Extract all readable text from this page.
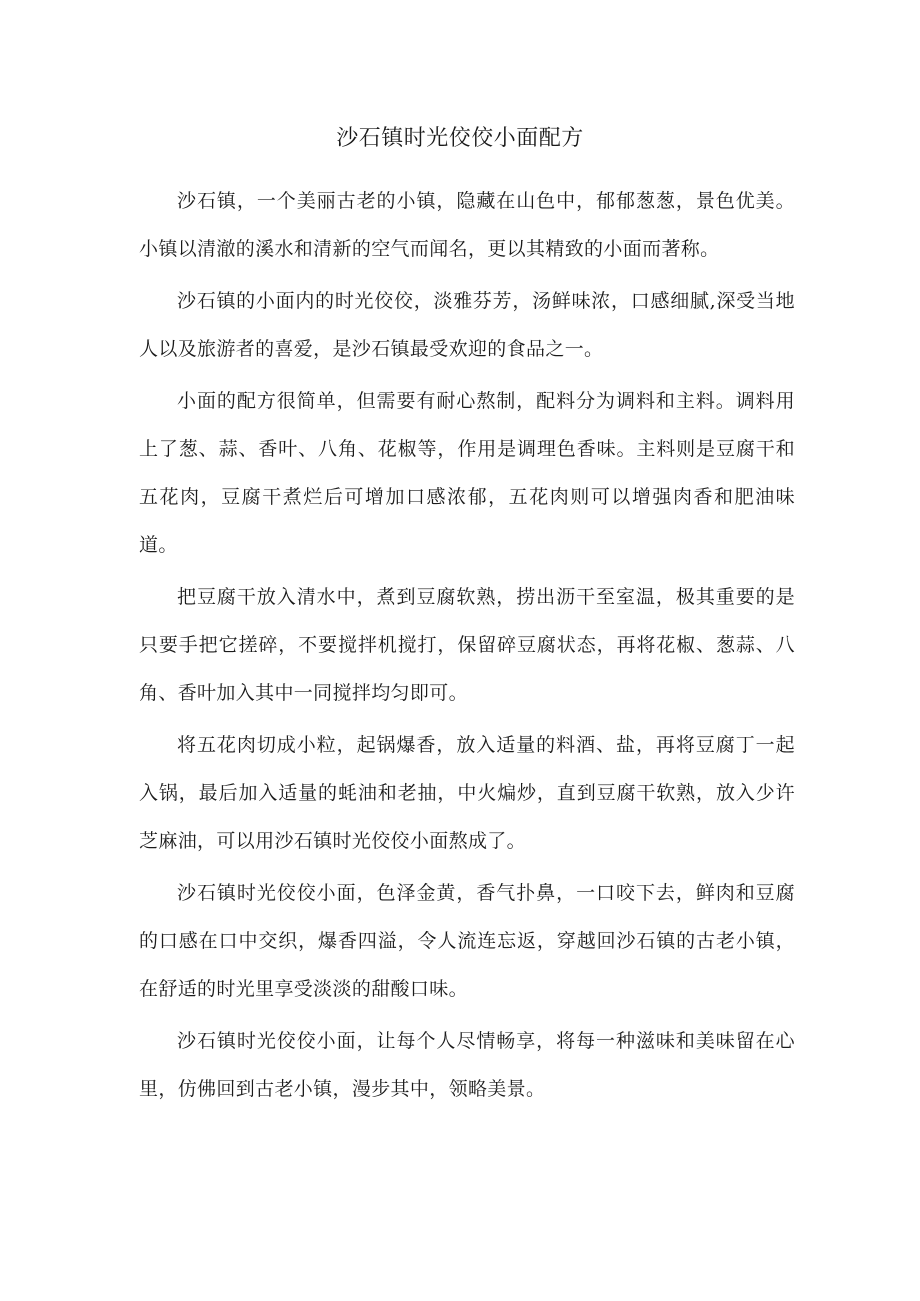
沙石镇时光佼佼小面配方

沙石镇，一个美丽古老的小镇，隐藏在山色中，郁郁葱葱，景色优美。小镇以清澈的溪水和清新的空气而闻名，更以其精致的小面而著称。

沙石镇的小面内的时光佼佼，淡雅芬芳，汤鲜味浓，口感细腻,深受当地人以及旅游者的喜爱，是沙石镇最受欢迎的食品之一。

小面的配方很简单，但需要有耐心熬制，配料分为调料和主料。调料用上了葱、蒜、香叶、八角、花椒等，作用是调理色香味。主料则是豆腐干和五花肉，豆腐干煮烂后可增加口感浓郁，五花肉则可以增强肉香和肥油味道。

把豆腐干放入清水中，煮到豆腐软熟，捞出沥干至室温，极其重要的是只要手把它搓碎，不要搅拌机搅打，保留碎豆腐状态，再将花椒、葱蒜、八角、香叶加入其中一同搅拌均匀即可。

将五花肉切成小粒，起锅爆香，放入适量的料酒、盐，再将豆腐丁一起入锅，最后加入适量的蚝油和老抽，中火煸炒，直到豆腐干软熟，放入少许芝麻油，可以用沙石镇时光佼佼小面熬成了。

沙石镇时光佼佼小面，色泽金黄，香气扑鼻，一口咬下去，鲜肉和豆腐的口感在口中交织，爆香四溢，令人流连忘返，穿越回沙石镇的古老小镇，在舒适的时光里享受淡淡的甜酸口味。

沙石镇时光佼佼小面，让每个人尽情畅享，将每一种滋味和美味留在心里，仿佛回到古老小镇，漫步其中，领略美景。
